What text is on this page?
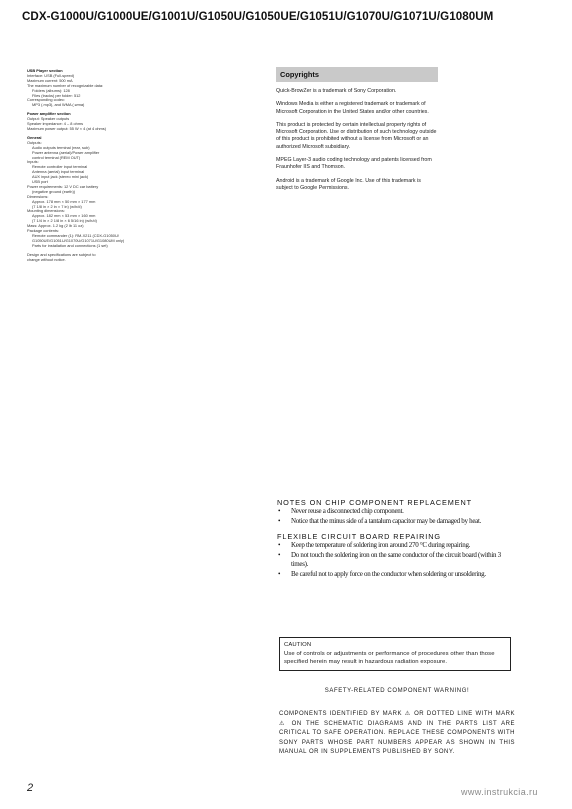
CDX-G1000U/G1000UE/G1001U/G1050U/G1050UE/G1051U/G1070U/G1071U/G1080UM
USB Player section
Interface: USB (Full-speed)
Maximum current: 500 mA
The maximum number of recognizable data:
Folders (albums): 128
Files (tracks) per folder: 512
Corresponding codec:
MP3 (.mp3), and WMA (.wma)
Power amplifier section
Output: Speaker outputs
Speaker impedance: 4 – 8 ohms
Maximum power output: 55 W × 4 (at 4 ohms)
General
Outputs:
Audio outputs terminal (rear, sub)
Power antenna (aerial)/Power amplifier
control terminal (REM OUT)
Inputs:
Remote controller input terminal
Antenna (aerial) input terminal
AUX input jack (stereo mini jack)
USB port
Power requirements: 12 V DC car battery
(negative ground (earth))
Dimensions:
Approx. 178 mm × 50 mm × 177 mm
(7 1/8 in × 2 in × 7 in) (w/h/d)
Mounting dimensions:
Approx. 182 mm × 53 mm × 160 mm
(7 1/4 in × 2 1/8 in × 6 5/16 in) (w/h/d)
Mass: Approx. 1.2 kg (2 lb 11 oz)
Package contents:
Remote commander (1): RM-X211 (CDX-G1050U/
G1050UE/G1051U/G1070U/G1071U/G1080UM only)
Parts for installation and connections (1 set)
Design and specifications are subject to
change without notice.
Copyrights
Quick-BrowZer is a trademark of Sony Corporation.
Windows Media is either a registered trademark or trademark of Microsoft Corporation in the United States and/or other countries.
This product is protected by certain intellectual property rights of Microsoft Corporation. Use or distribution of such technology outside of this product is prohibited without a license from Microsoft or an authorized Microsoft subsidiary.
MPEG Layer-3 audio coding technology and patents licensed from Fraunhofer IIS and Thomson.
Android is a trademark of Google Inc. Use of this trademark is subject to Google Permissions.
NOTES ON CHIP COMPONENT REPLACEMENT
• Never reuse a disconnected chip component.
• Notice that the minus side of a tantalum capacitor may be damaged by heat.
FLEXIBLE CIRCUIT BOARD REPAIRING
• Keep the temperature of soldering iron around 270 °C during repairing.
• Do not touch the soldering iron on the same conductor of the circuit board (within 3 times).
• Be careful not to apply force on the conductor when soldering or unsoldering.
CAUTION
Use of controls or adjustments or performance of procedures other than those specified herein may result in hazardous radiation exposure.
SAFETY-RELATED COMPONENT WARNING!
COMPONENTS IDENTIFIED BY MARK ⚠ OR DOTTED LINE WITH MARK ⚠ ON THE SCHEMATIC DIAGRAMS AND IN THE PARTS LIST ARE CRITICAL TO SAFE OPERATION. REPLACE THESE COMPONENTS WITH SONY PARTS WHOSE PART NUMBERS APPEAR AS SHOWN IN THIS MANUAL OR IN SUPPLEMENTS PUBLISHED BY SONY.
2	www.instrukcia.ru
